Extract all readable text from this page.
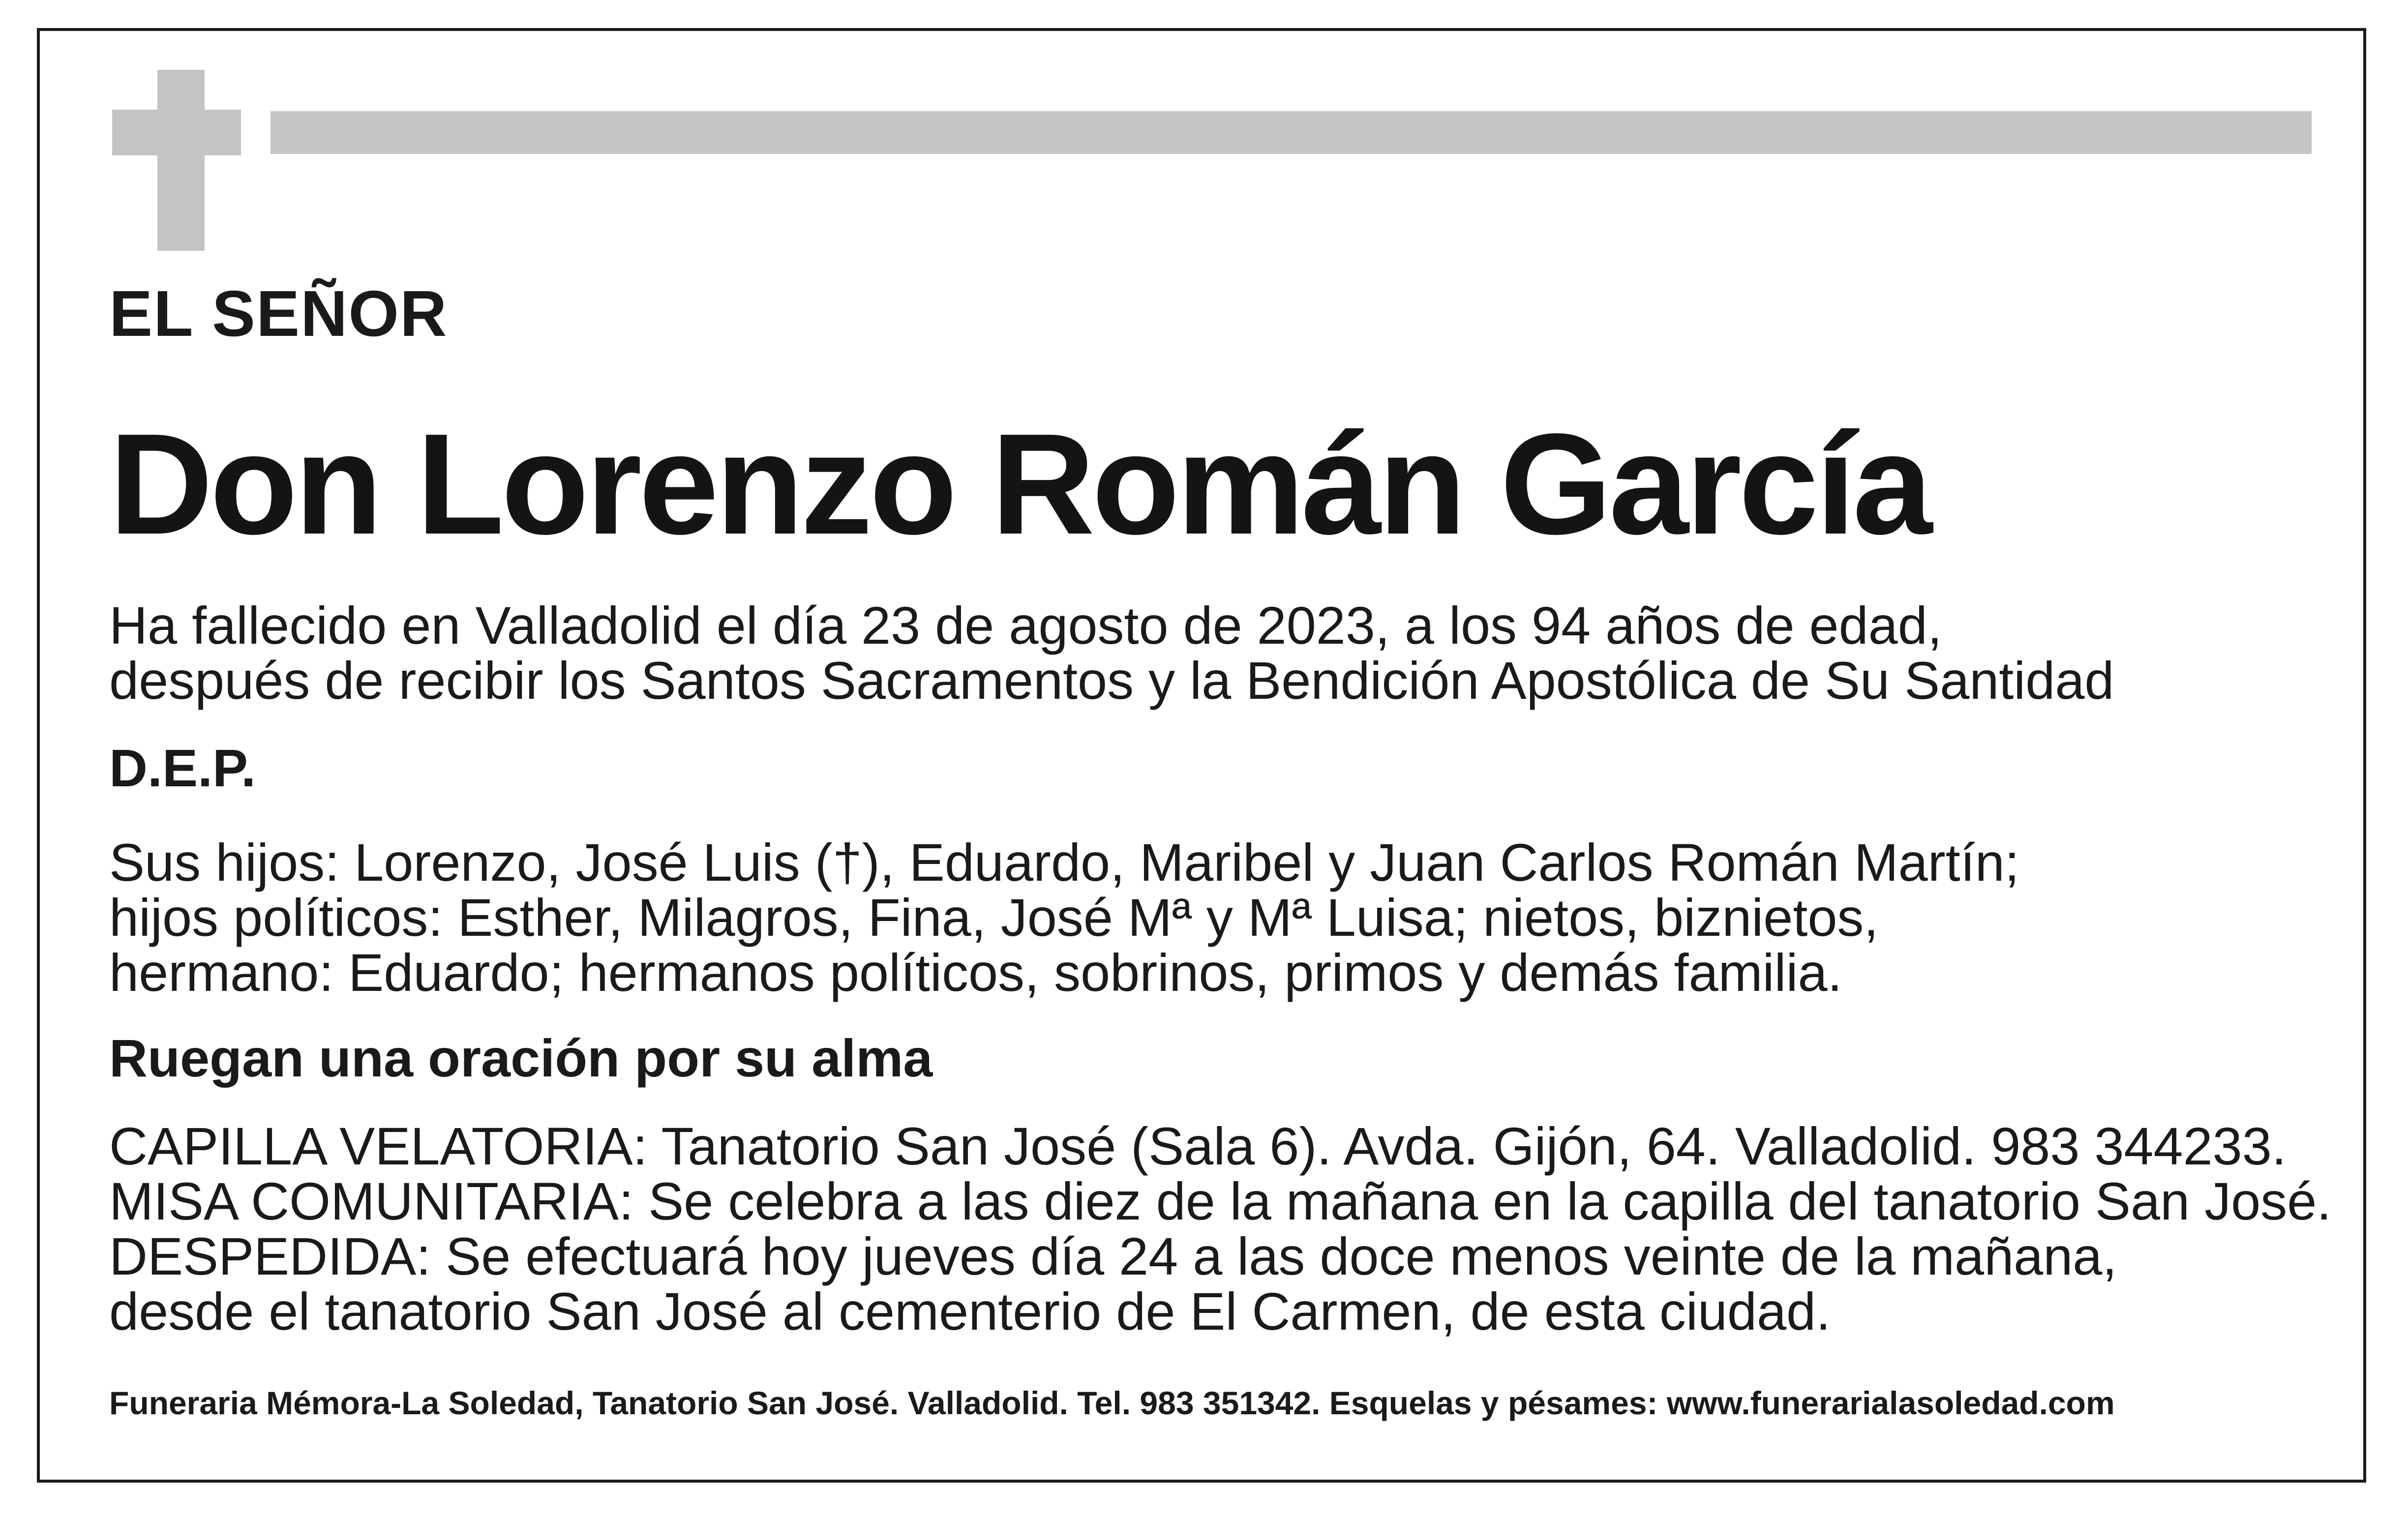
EL SEÑOR

Don Lorenzo Román García

Ha fallecido en Valladolid el día 23 de agosto de 2023, a los 94 años de edad,
después de recibir los Santos Sacramentos y la Bendición Apostólica de Su Santidad

D.E.P.

Sus hijos: Lorenzo, José Luis (†), Eduardo, Maribel y Juan Carlos Román Martín;
hijos políticos: Esther, Milagros, Fina, José Mª y Mª Luisa; nietos, biznietos,
hermano: Eduardo; hermanos políticos, sobrinos, primos y demás familia.

Ruegan una oración por su alma

CAPILLA VELATORIA: Tanatorio San José (Sala 6). Avda. Gijón, 64. Valladolid. 983 344233.
MISA COMUNITARIA: Se celebra a las diez de la mañana en la capilla del tanatorio San José.
DESPEDIDA: Se efectuará hoy jueves día 24 a las doce menos veinte de la mañana,
desde el tanatorio San José al cementerio de El Carmen, de esta ciudad.

Funeraria Mémora-La Soledad, Tanatorio San José. Valladolid. Tel. 983 351342. Esquelas y pésames: www.funerarialasoledad.com
